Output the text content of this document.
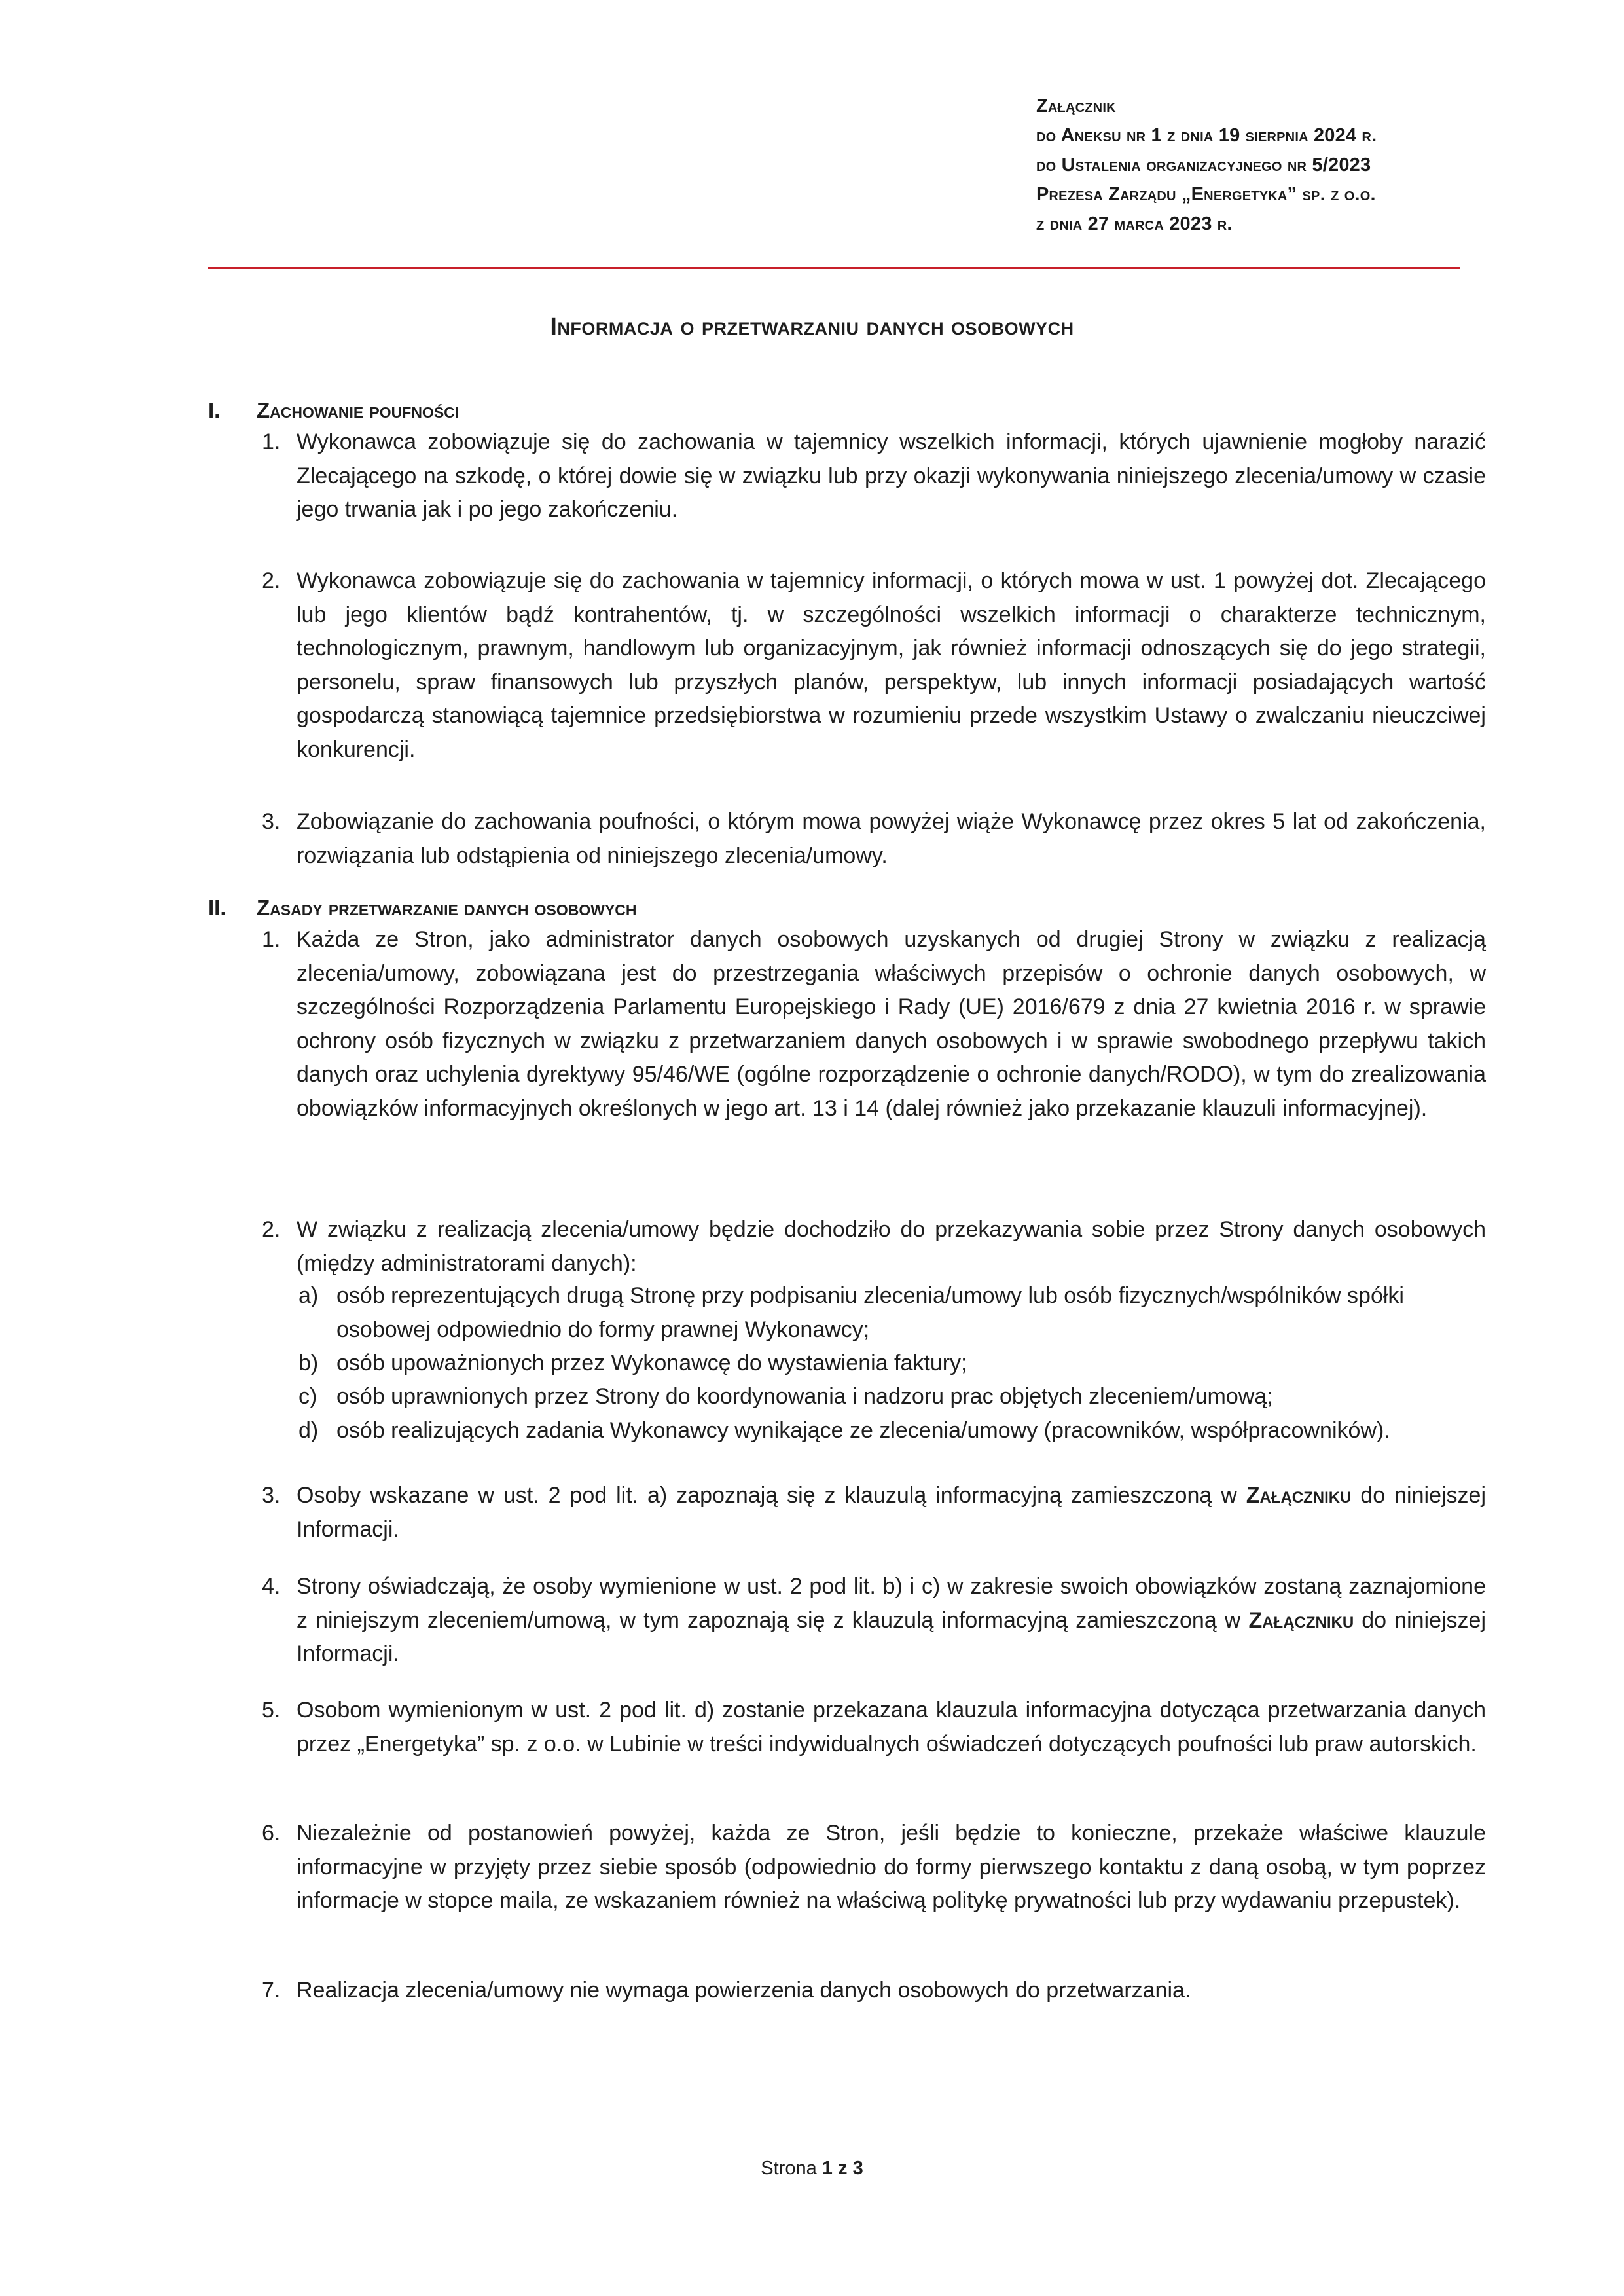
Załącznik
do Aneksu nr 1 z dnia 19 sierpnia 2024 r.
do Ustalenia organizacyjnego nr 5/2023
Prezesa Zarządu „Energetyka” sp. z o.o.
z dnia 27 marca 2023 r.
Informacja o przetwarzaniu danych osobowych
I. Zachowanie poufności
1. Wykonawca zobowiązuje się do zachowania w tajemnicy wszelkich informacji, których ujawnienie mogłoby narazić Zlecającego na szkodę, o której dowie się w związku lub przy okazji wykonywania niniejszego zlecenia/umowy w czasie jego trwania jak i po jego zakończeniu.
2. Wykonawca zobowiązuje się do zachowania w tajemnicy informacji, o których mowa w ust. 1 powyżej dot. Zlecającego lub jego klientów bądź kontrahentów, tj. w szczególności wszelkich informacji o charakterze technicznym, technologicznym, prawnym, handlowym lub organizacyjnym, jak również informacji odnoszących się do jego strategii, personelu, spraw finansowych lub przyszłych planów, perspektyw, lub innych informacji posiadających wartość gospodarczą stanowiącą tajemnice przedsiębiorstwa w rozumieniu przede wszystkim Ustawy o zwalczaniu nieuczciwej konkurencji.
3. Zobowiązanie do zachowania poufności, o którym mowa powyżej wiąże Wykonawcę przez okres 5 lat od zakończenia, rozwiązania lub odstąpienia od niniejszego zlecenia/umowy.
II. Zasady przetwarzanie danych osobowych
1. Każda ze Stron, jako administrator danych osobowych uzyskanych od drugiej Strony w związku z realizacją zlecenia/umowy, zobowiązana jest do przestrzegania właściwych przepisów o ochronie danych osobowych, w szczególności Rozporządzenia Parlamentu Europejskiego i Rady (UE) 2016/679 z dnia 27 kwietnia 2016 r. w sprawie ochrony osób fizycznych w związku z przetwarzaniem danych osobowych i w sprawie swobodnego przepływu takich danych oraz uchylenia dyrektywy 95/46/WE (ogólne rozporządzenie o ochronie danych/RODO), w tym do zrealizowania obowiązków informacyjnych określonych w jego art. 13 i 14 (dalej również jako przekazanie klauzuli informacyjnej).
2. W związku z realizacją zlecenia/umowy będzie dochodziło do przekazywania sobie przez Strony danych osobowych (między administratorami danych):
a) osób reprezentujących drugą Stronę przy podpisaniu zlecenia/umowy lub osób fizycznych/wspólników spółki osobowej odpowiednio do formy prawnej Wykonawcy;
b) osób upoważnionych przez Wykonawcę do wystawienia faktury;
c) osób uprawnionych przez Strony do koordynowania i nadzoru prac objętych zleceniem/umową;
d) osób realizujących zadania Wykonawcy wynikające ze zlecenia/umowy (pracowników, współpracowników).
3. Osoby wskazane w ust. 2 pod lit. a) zapoznają się z klauzulą informacyjną zamieszczoną w Załączniku do niniejszej Informacji.
4. Strony oświadczają, że osoby wymienione w ust. 2 pod lit. b) i c) w zakresie swoich obowiązków zostaną zaznajomione z niniejszym zleceniem/umową, w tym zapoznają się z klauzulą informacyjną zamieszczoną w Załączniku do niniejszej Informacji.
5. Osobom wymienionym w ust. 2 pod lit. d) zostanie przekazana klauzula informacyjna dotycząca przetwarzania danych przez „Energetyka” sp. z o.o. w Lubinie w treści indywidualnych oświadczeń dotyczących poufności lub praw autorskich.
6. Niezależnie od postanowień powyżej, każda ze Stron, jeśli będzie to konieczne, przekaże właściwe klauzule informacyjne w przyjęty przez siebie sposób (odpowiednio do formy pierwszego kontaktu z daną osobą, w tym poprzez informacje w stopce maila, ze wskazaniem również na właściwą politykę prywatności lub przy wydawaniu przepustek).
7. Realizacja zlecenia/umowy nie wymaga powierzenia danych osobowych do przetwarzania.
Strona 1 z 3
